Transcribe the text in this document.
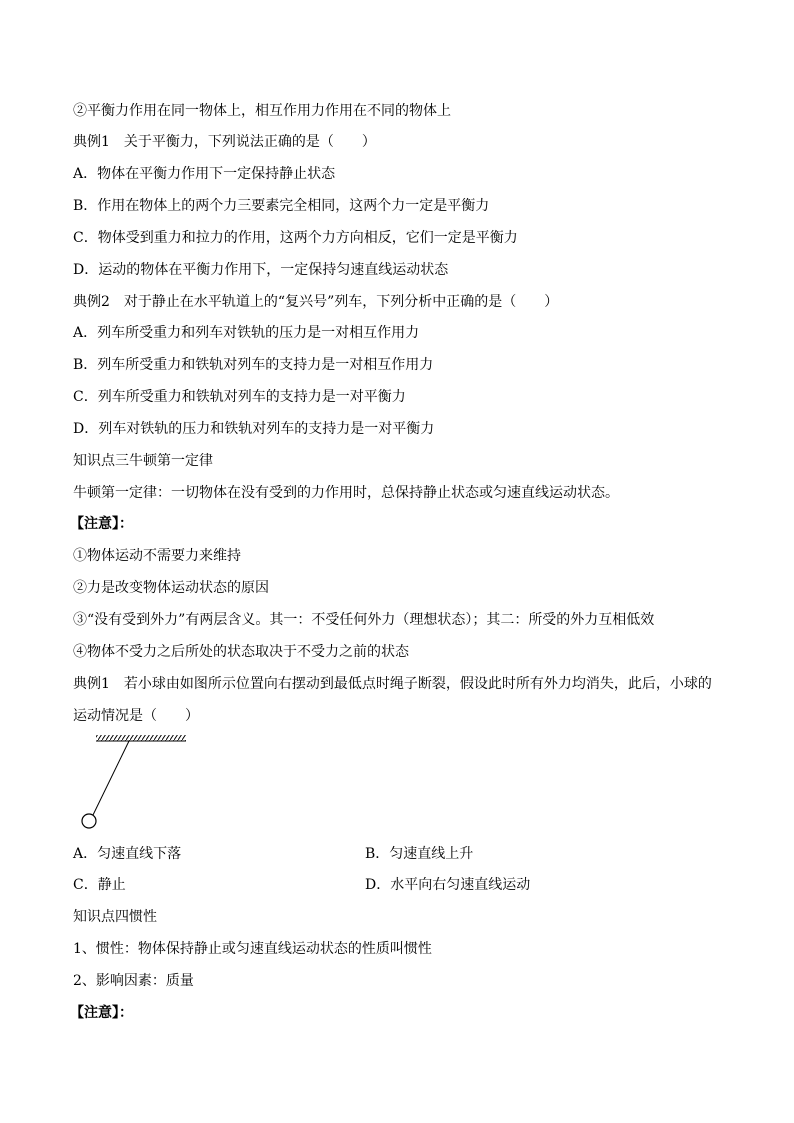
②平衡力作用在同一物体上，相互作用力作用在不同的物体上
典例1　关于平衡力，下列说法正确的是（　　）
A．物体在平衡力作用下一定保持静止状态
B．作用在物体上的两个力三要素完全相同，这两个力一定是平衡力
C．物体受到重力和拉力的作用，这两个力方向相反，它们一定是平衡力
D．运动的物体在平衡力作用下，一定保持匀速直线运动状态
典例2　对于静止在水平轨道上的“复兴号”列车，下列分析中正确的是（　　）
A．列车所受重力和列车对铁轨的压力是一对相互作用力
B．列车所受重力和铁轨对列车的支持力是一对相互作用力
C．列车所受重力和铁轨对列车的支持力是一对平衡力
D．列车对铁轨的压力和铁轨对列车的支持力是一对平衡力
知识点三牛顿第一定律
牛顿第一定律：一切物体在没有受到的力作用时，总保持静止状态或匀速直线运动状态。
【注意】：
①物体运动不需要力来维持
②力是改变物体运动状态的原因
③“没有受到外力”有两层含义。其一：不受任何外力（理想状态）；其二：所受的外力互相低效
④物体不受力之后所处的状态取决于不受力之前的状态
典例1　若小球由如图所示位置向右摆动到最低点时绳子断裂，假设此时所有外力均消失，此后，小球的
运动情况是（　　）
A．匀速直线下落	B．匀速直线上升
C．静止	D．水平向右匀速直线运动
知识点四惯性
1、惯性：物体保持静止或匀速直线运动状态的性质叫惯性
2、影响因素：质量
【注意】：
